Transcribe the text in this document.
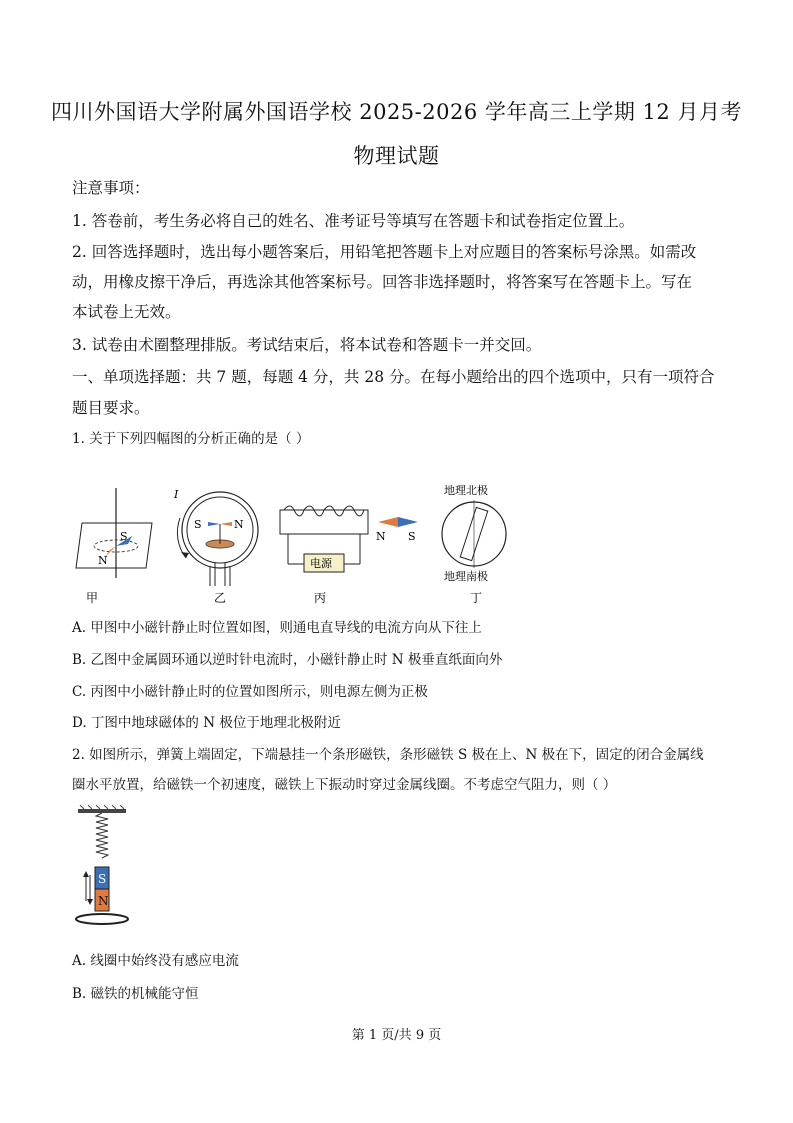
四川外国语大学附属外国语学校 2025-2026 学年高三上学期 12 月月考
物理试题
注意事项：
1. 答卷前，考生务必将自己的姓名、准考证号等填写在答题卡和试卷指定位置上。
2. 回答选择题时，选出每小题答案后，用铅笔把答题卡上对应题目的答案标号涂黑。如需改
动，用橡皮擦干净后，再选涂其他答案标号。回答非选择题时，将答案写在答题卡上。写在
本试卷上无效。
3. 试卷由术圈整理排版。考试结束后，将本试卷和答题卡一并交回。
一、单项选择题：共 7 题，每题 4 分，共 28 分。在每小题给出的四个选项中，只有一项符合
题目要求。
1. 关于下列四幅图的分析正确的是（ ）
S
N
甲
I
S	N
乙
电源
N S
丙
地理北极
地理南极
丁
A. 甲图中小磁针静止时位置如图，则通电直导线的电流方向从下往上
B. 乙图中金属圆环通以逆时针电流时，小磁针静止时 N 极垂直纸面向外
C. 丙图中小磁针静止时的位置如图所示，则电源左侧为正极
D. 丁图中地球磁体的 N 极位于地理北极附近
2. 如图所示，弹簧上端固定，下端悬挂一个条形磁铁，条形磁铁 S 极在上、N 极在下，固定的闭合金属线
圈水平放置，给磁铁一个初速度，磁铁上下振动时穿过金属线圈。不考虑空气阻力，则（ ）
S
N
A. 线圈中始终没有感应电流
B. 磁铁的机械能守恒
第 1 页/共 9 页
